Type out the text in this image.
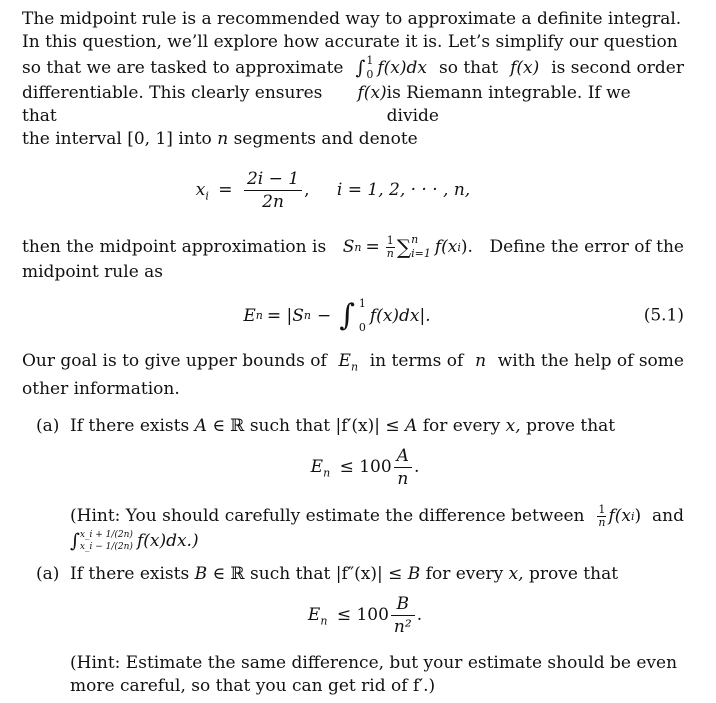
The midpoint rule is a recommended way to approximate a definite integral.

In this question, we’ll explore how accurate it is. Let’s simplify our question

so that we are tasked to approximate ∫ 1
0 f(x)dx so that f(x) is second order

differentiable. This clearly ensures that
f(x) is Riemann integrable. If we divide

the interval [0, 1] into n segments and denote

$x_i = \frac{2i - 1}{2n}$ , i = 1, 2, · · · , n,

then the midpoint approximation is S $n = \frac{1}{n}$ ∑ n
i=1 f(x i ). Define the error of the

midpoint rule as

E n = |S n − ∫ 1
0
f(x)dx|.	(5.1)

Our goal is to give upper bounds of $E_n$ in terms of n with the help of some

other information.

(a) If there exists A ∈ ℝ such that |f′(x)| ≤ A for every x, prove that
$E_n \le 100 \frac{A}{n}$ .

(Hint: You should carefully estimate the difference between $\frac{1}{n} f(x$ i ) and

∫ x_i + 1/(2n)
x_i − 1/(2n) f(x)dx.)

(a) If there exists B ∈ ℝ such that |f″(x)| ≤ B for every x, prove that
$E_n \le 100 \frac{B}{\text{n²}}$ .

(Hint: Estimate the same difference, but your estimate should be even

more careful, so that you can get rid of f′.)
